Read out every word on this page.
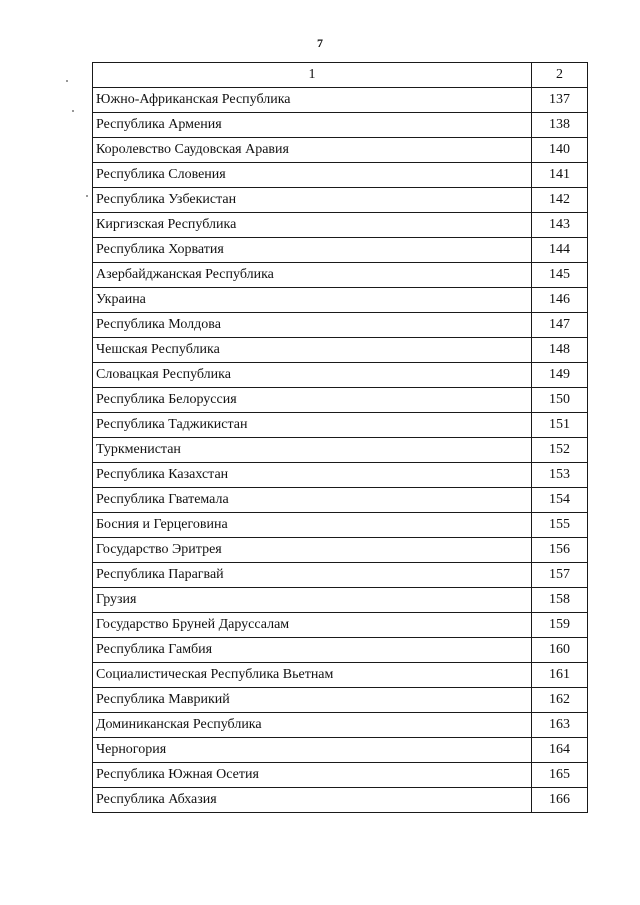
7
1	2
Южно-Африканская Республика	137
Республика Армения	138
Королевство Саудовская Аравия	140
Республика Словения	141
Республика Узбекистан	142
Киргизская Республика	143
Республика Хорватия	144
Азербайджанская Республика	145
Украина	146
Республика Молдова	147
Чешская Республика	148
Словацкая Республика	149
Республика Белоруссия	150
Республика Таджикистан	151
Туркменистан	152
Республика Казахстан	153
Республика Гватемала	154
Босния и Герцеговина	155
Государство Эритрея	156
Республика Парагвай	157
Грузия	158
Государство Бруней Даруссалам	159
Республика Гамбия	160
Социалистическая Республика Вьетнам	161
Республика Маврикий	162
Доминиканская Республика	163
Черногория	164
Республика Южная Осетия	165
Республика Абхазия	166
